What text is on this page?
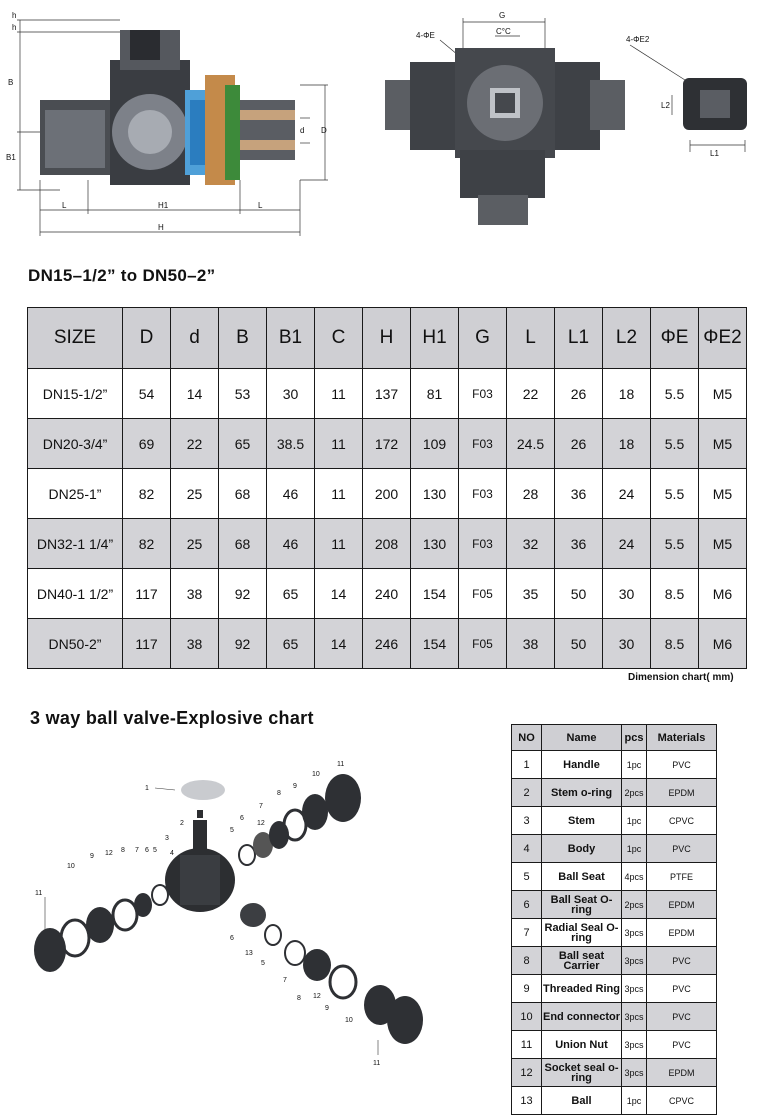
h
h
B
B1
L	H1	L
H
d D
G
C°C
4-ΦE	4-ΦE2
L2
L1
DN15–1/2” to DN50–2”
SIZE	D	d	B	B1	C	H	H1	G	L	L1	L2	ΦE	ΦE2
DN15-1/2”	54	14	53	30	11	137	81	F03	22	26	18	5.5	M5
DN20-3/4”	69	22	65	38.5	11	172	109	F03	24.5	26	18	5.5	M5
DN25-1”	82	25	68	46	11	200	130	F03	28	36	24	5.5	M5
DN32-1 1/4”	82	25	68	46	11	208	130	F03	32	36	24	5.5	M5
DN40-1 1/2”	117	38	92	65	14	240	154	F05	35	50	30	8.5	M6
DN50-2”	117	38	92	65	14	246	154	F05	38	50	30	8.5	M6
Dimension chart( mm)
3 way ball valve-Explosive chart
1
2
3
4
5
6
7
8
9
10
11
12
13
11
10
9 12 8 7 6 5
11
10
9
12
8
7
5
6
NO	Name	pcs	Materials
1	Handle	1pc	PVC
2	Stem o-ring	2pcs	EPDM
3	Stem	1pc	CPVC
4	Body	1pc	PVC
5	Ball Seat	4pcs	PTFE
6	Ball Seat O-ring	2pcs	EPDM
7	Radial Seal O-ring	3pcs	EPDM
8	Ball seat Carrier	3pcs	PVC
9	Threaded Ring	3pcs	PVC
10	End connector	3pcs	PVC
11	Union Nut	3pcs	PVC
12	Socket seal o-ring	3pcs	EPDM
13	Ball	1pc	CPVC
